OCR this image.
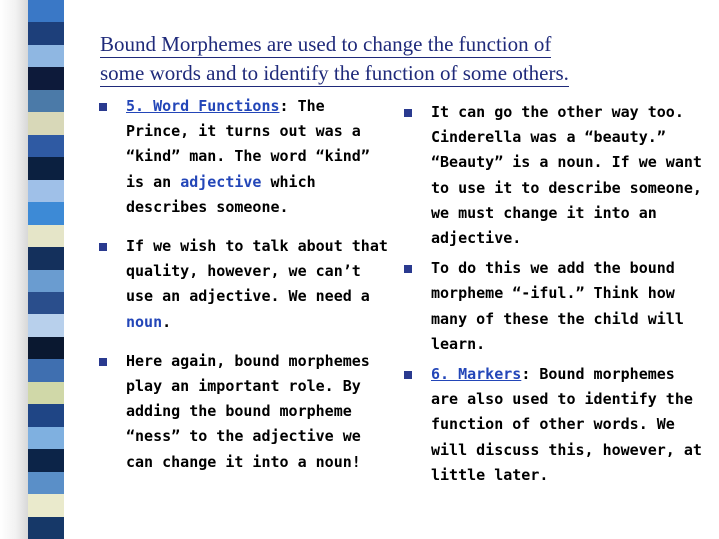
Bound Morphemes are used to change the function of
some words and to identify the function of some others.
5. Word Functions: The Prince, it turns out was a “kind” man. The word “kind” is an adjective which describes someone.
If we wish to talk about that quality, however, we can’t use an adjective. We need a noun.
Here again, bound morphemes play an important role. By adding the bound morpheme “ness” to the adjective we can change it into a noun!
It can go the other way too. Cinderella was a “beauty.” “Beauty” is a noun. If we want to use it to describe someone, we must change it into an adjective.
To do this we add the bound morpheme “-iful.” Think how many of these the child will learn.
6. Markers: Bound morphemes are also used to identify the function of other words. We will discuss this, however, at little later.
